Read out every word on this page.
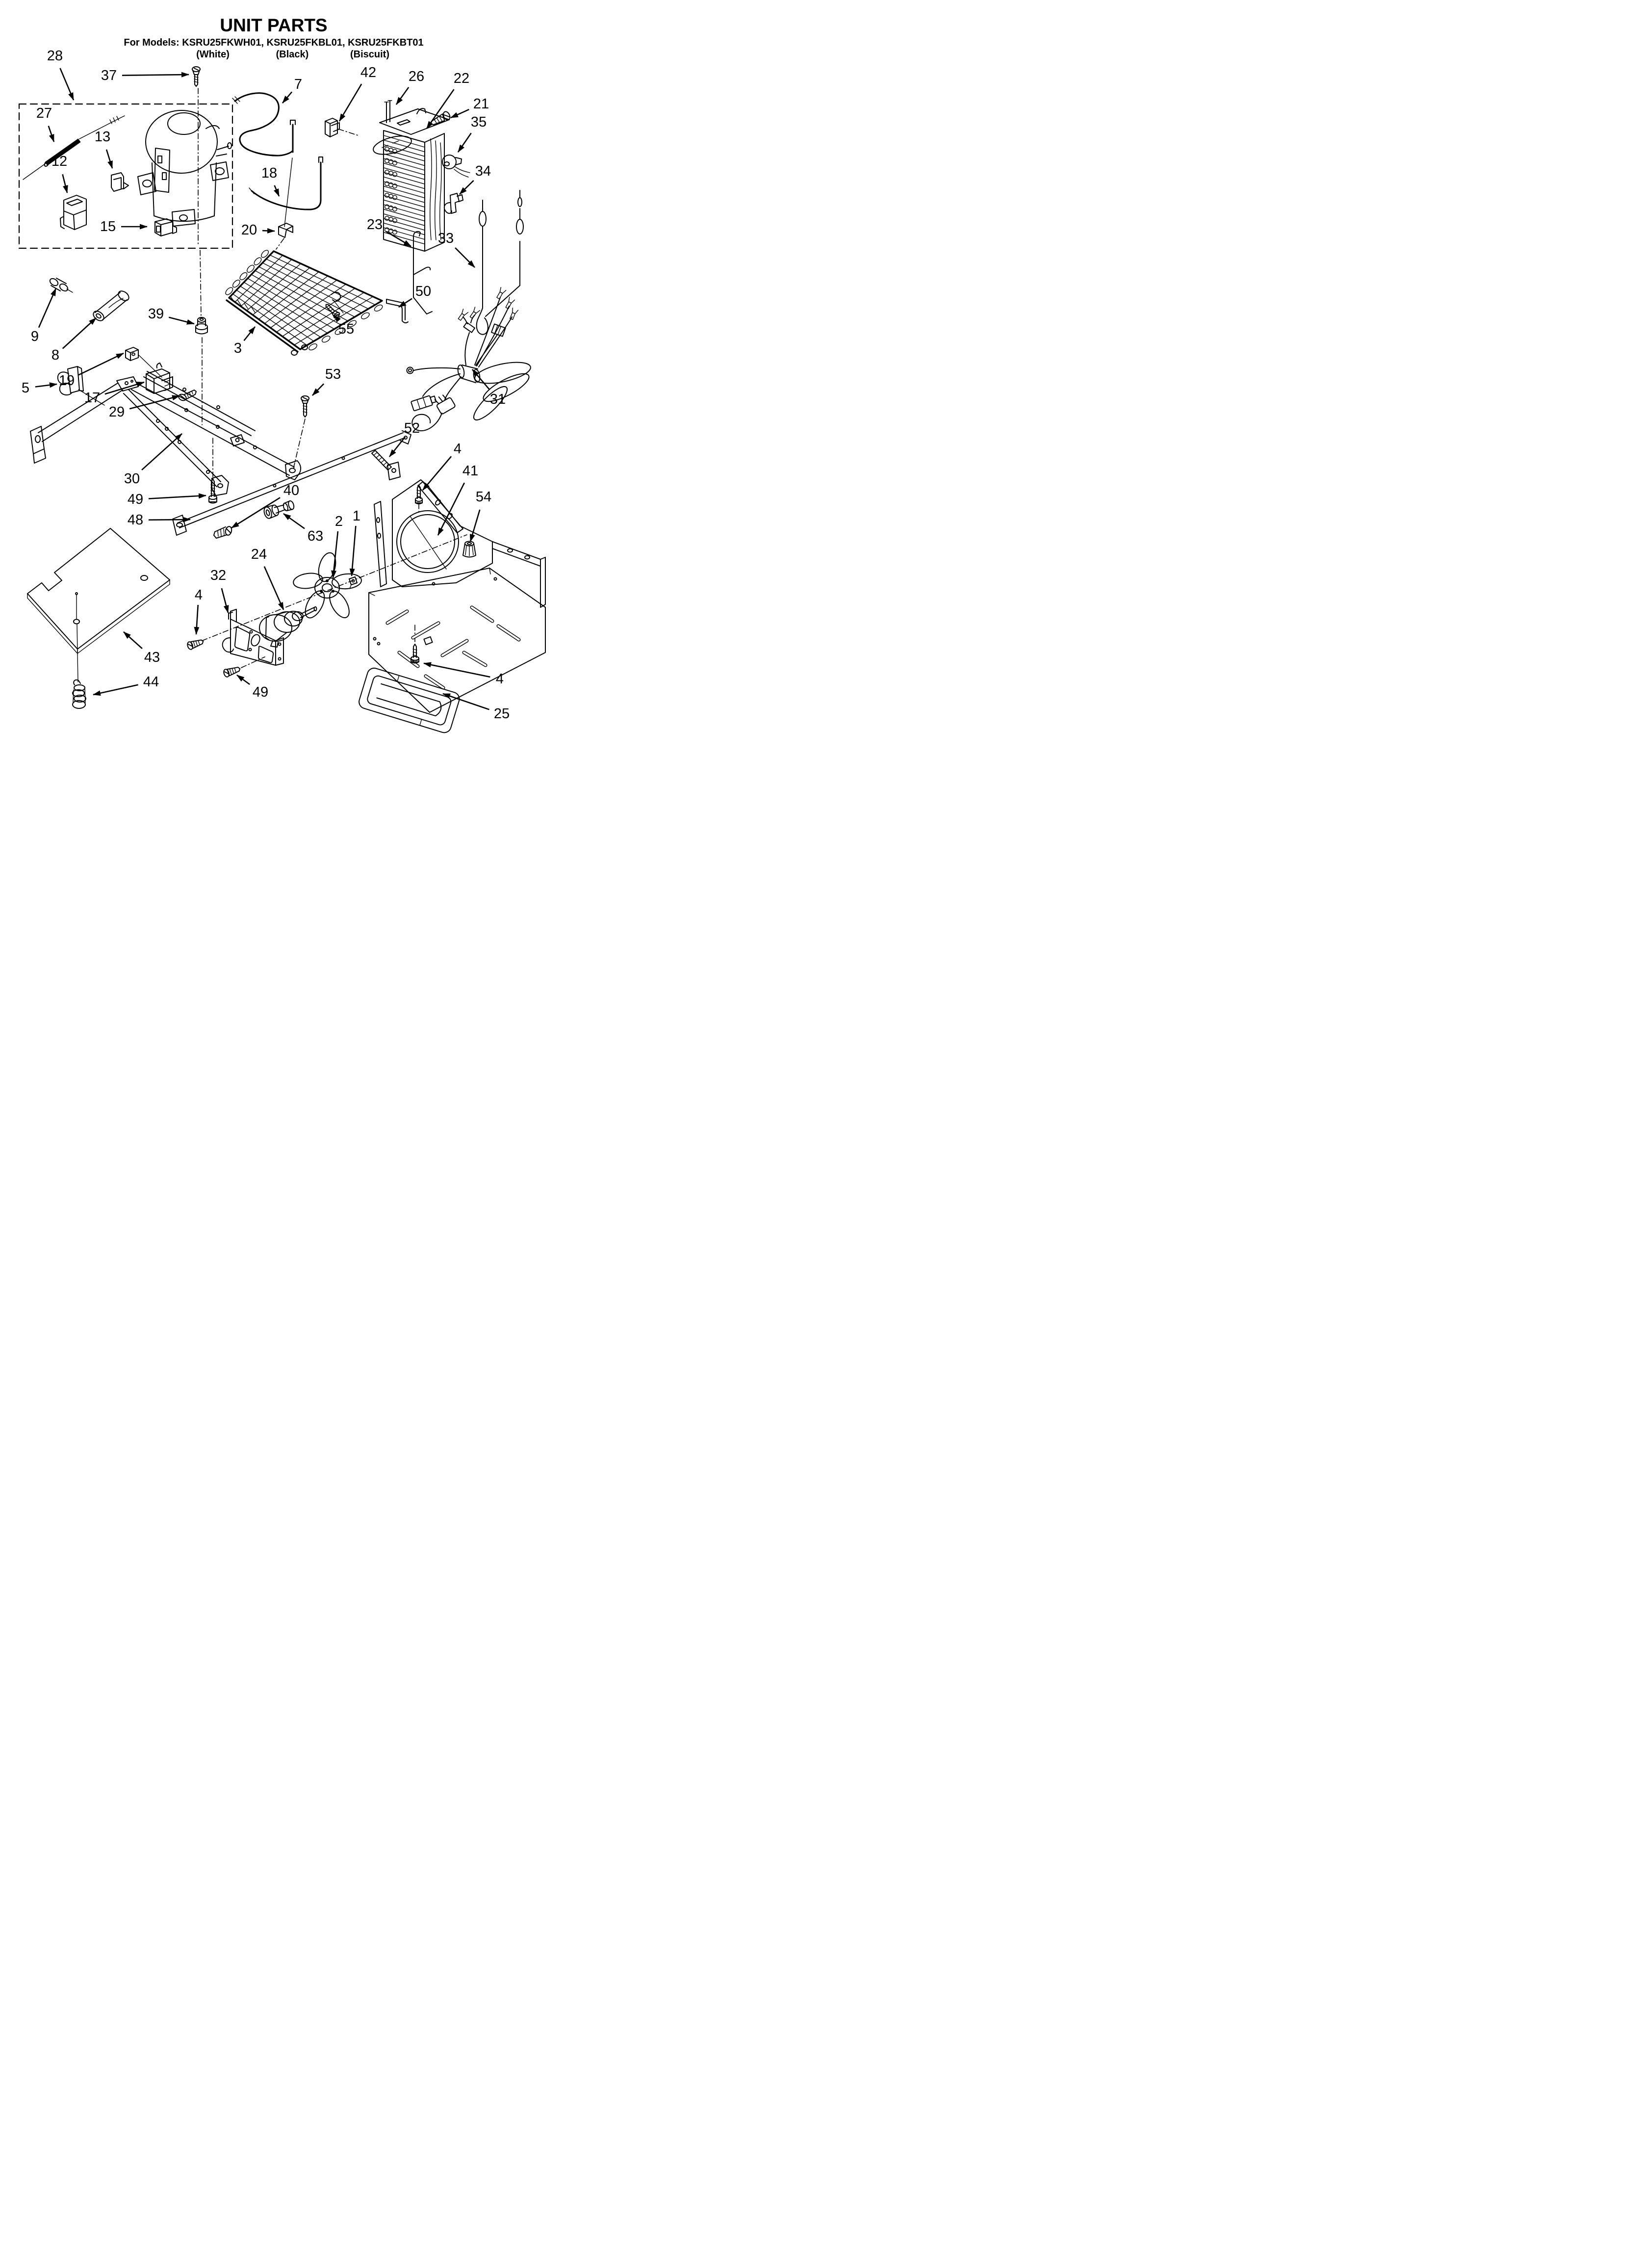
UNIT PARTS
For Models: KSRU25FKWH01, KSRU25FKBL01, KSRU25FKBT01
(White)	(Black)	(Biscuit)
28
37
27
13
12
15
7
18
42 26 22
21
35
34
23
33
20
9
8
39
19
17
29
5
3
55
50
53
31
30
49
48
40
52
4
41
54
63
24
2 1
32
4
49
43
44	4
25
